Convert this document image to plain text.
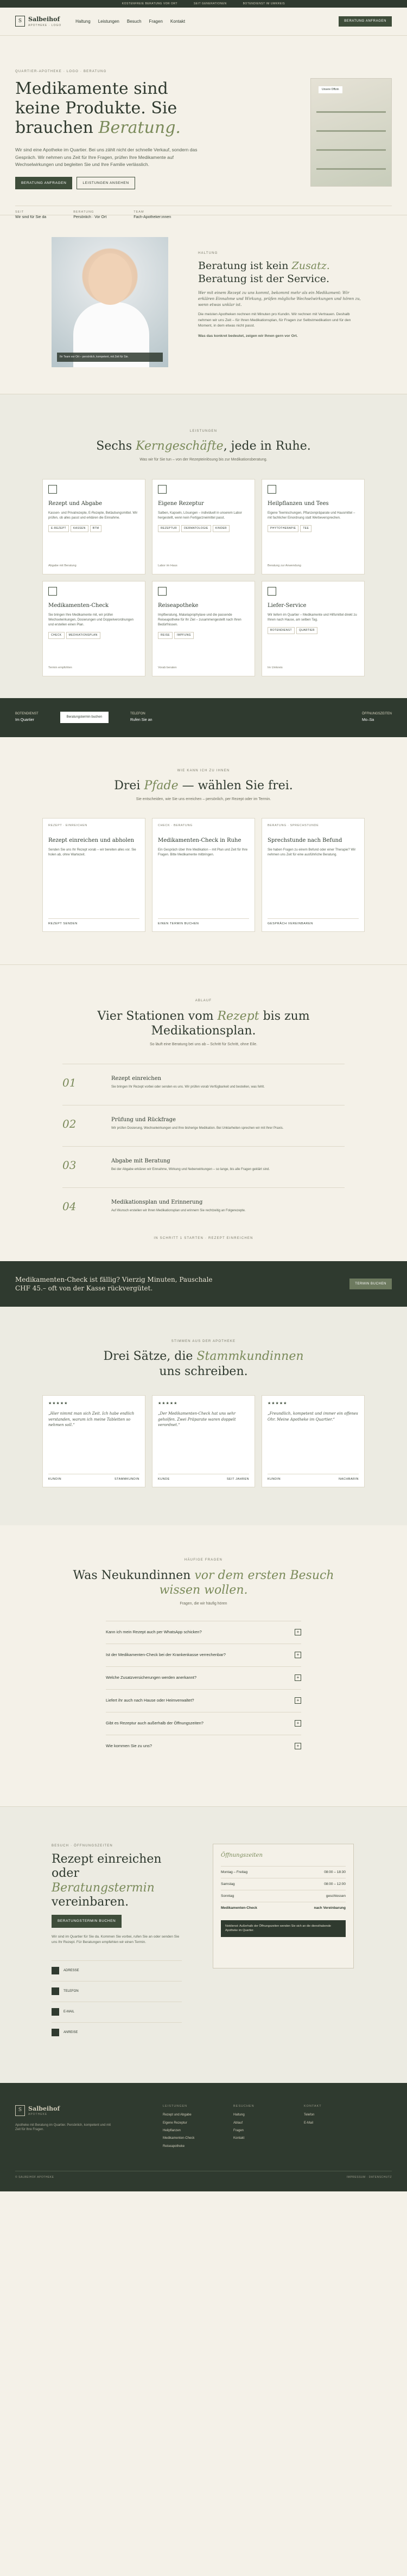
KOSTENFREIE BERATUNG VOR ORT	SEIT GENERATIONEN	BOTENDIENST IM UMKREIS
S	Salbeihof
APOTHEKE · LOGO
Haltung Leistungen Besuch Fragen Kontakt	BERATUNG ANFRAGEN
QUARTIER-APOTHEKE · LOGO · BERATUNG
Medikamente sind keine Produkte. Sie brauchen Beratung.

Wir sind eine Apotheke im Quartier. Bei uns zählt nicht der schnelle Verkauf, sondern das Gespräch. Wir nehmen uns Zeit für Ihre Fragen, prüfen Ihre Medikamente auf Wechselwirkungen und begleiten Sie und Ihre Familie verlässlich.

BERATUNG ANFRAGEN	LEISTUNGEN ANSEHEN
SEIT
Wir sind für Sie da
BERATUNG
Persönlich · Vor Ort
TEAM
Fach-Apotheker:innen
Unsere Offizin
Ihr Team vor Ort – persönlich, kompetent, mit Zeit für Sie.
HALTUNG
Beratung ist kein Zusatz.
Beratung ist der Service.

Wer mit einem Rezept zu uns kommt, bekommt mehr als ein Medikament: Wir erklären Einnahme und Wirkung, prüfen mögliche Wechselwirkungen und hören zu, wenn etwas unklar ist.

Die meisten Apotheken rechnen mit Minuten pro Kundin. Wir rechnen mit Vertrauen. Deshalb nehmen wir uns Zeit – für Ihren Medikationsplan, für Fragen zur Selbstmedikation und für den Moment, in dem etwas nicht passt.

Was das konkret bedeutet, zeigen wir Ihnen gern vor Ort.

LEISTUNGEN
Sechs Kerngeschäfte, jede in Ruhe.
Was wir für Sie tun – von der Rezepteinlösung bis zur Medikationsberatung.
Rezept und Abgabe

Kassen- und Privatrezepte, E-Rezepte, Betäubungsmittel. Wir prüfen, ob alles passt und erklären die Einnahme.

E-REZEPT	KASSEN	BTM
Abgabe mit Beratung
Eigene Rezeptur

Salben, Kapseln, Lösungen – individuell in unserem Labor hergestellt, wenn kein Fertigarzneimittel passt.

REZEPTUR	DERMATOLOGIE	KINDER
Labor im Haus
Heilpflanzen und Tees

Eigene Teemischungen, Pflanzenpräparate und Hausmittel – mit fachlicher Einordnung statt Werbeversprechen.

PHYTOTHERAPIE	TEE
Beratung zur Anwendung
Medikamenten-Check

Sie bringen Ihre Medikamente mit, wir prüfen Wechselwirkungen, Dosierungen und Doppelverordnungen und erstellen einen Plan.

CHECK	MEDIKATIONSPLAN
Termin empfohlen
Reiseapotheke

Impfberatung, Malariaprophylaxe und die passende Reiseapotheke für Ihr Ziel – zusammengestellt nach Ihren Bedürfnissen.

REISE	IMPFUNG
Vorab beraten
Liefer-Service

Wir liefern im Quartier – Medikamente und Hilfsmittel direkt zu Ihnen nach Hause, am selben Tag.

BOTENDIENST	QUARTIER
Im Umkreis
BOTENDIENST
Im Quartier
Beratungstermin buchen
TELEFON
Rufen Sie an
ÖFFNUNGSZEITEN
Mo–Sa
WIE KANN ICH ZU IHNEN
Drei Pfade — wählen Sie frei.
Sie entscheiden, wie Sie uns erreichen – persönlich, per Rezept oder im Termin.
REZEPT · EINREICHEN
Rezept einreichen und abholen

Senden Sie uns Ihr Rezept vorab – wir bereiten alles vor. Sie holen ab, ohne Wartezeit.

REZEPT SENDEN
CHECK · BERATUNG
Medikamenten-Check in Ruhe

Ein Gespräch über Ihre Medikation – mit Plan und Zeit für Ihre Fragen. Bitte Medikamente mitbringen.

EINEN TERMIN BUCHEN
BERATUNG · SPRECHSTUNDE
Sprechstunde nach Befund

Sie haben Fragen zu einem Befund oder einer Therapie? Wir nehmen uns Zeit für eine ausführliche Beratung.

GESPRÄCH VEREINBAREN
ABLAUF
Vier Stationen vom Rezept bis zum Medikationsplan.
So läuft eine Beratung bei uns ab – Schritt für Schritt, ohne Eile.
01	Rezept einreichen

Sie bringen Ihr Rezept vorbei oder senden es uns. Wir prüfen vorab Verfügbarkeit und bestellen, was fehlt.

02	Prüfung und Rückfrage

Wir prüfen Dosierung, Wechselwirkungen und Ihre bisherige Medikation. Bei Unklarheiten sprechen wir mit Ihrer Praxis.

03	Abgabe mit Beratung

Bei der Abgabe erklären wir Einnahme, Wirkung und Nebenwirkungen – so lange, bis alle Fragen geklärt sind.

04	Medikationsplan und Erinnerung

Auf Wunsch erstellen wir Ihren Medikationsplan und erinnern Sie rechtzeitig an Folgerezepte.

IN SCHRITT 1 STARTEN · REZEPT EINREICHEN
Medikamenten-Check ist fällig? Vierzig Minuten, Pauschale CHF 45.– oft von der Kasse rückvergütet.
TERMIN BUCHEN
STIMMEN AUS DER APOTHEKE
Drei Sätze, die Stammkundinnen
uns schreiben.
★★★★★

„Hier nimmt man sich Zeit. Ich habe endlich verstanden, warum ich meine Tabletten so nehmen soll.“

KUNDIN	STAMMKUNDIN
★★★★★

„Der Medikamenten-Check hat uns sehr geholfen. Zwei Präparate waren doppelt verordnet.“

KUNDE	SEIT JAHREN
★★★★★

„Freundlich, kompetent und immer ein offenes Ohr. Meine Apotheke im Quartier.“

KUNDIN	NACHBARIN
HÄUFIGE FRAGEN
Was Neukundinnen vor dem ersten Besuch
wissen wollen.
Fragen, die wir häufig hören
Kann ich mein Rezept auch per WhatsApp schicken?	+
Ist der Medikamenten-Check bei der Krankenkasse verrechenbar?	+
Welche Zusatzversicherungen werden anerkannt?	+
Liefert ihr auch nach Hause oder Heimverwaltet?	+
Gibt es Rezeptur auch außerhalb der Öffnungszeiten?	+
Wie kommen Sie zu uns?	+
BESUCH · ÖFFNUNGSZEITEN
Rezept einreichen oder Beratungstermin
vereinbaren.
BERATUNGSTERMIN BUCHEN

Wir sind im Quartier für Sie da. Kommen Sie vorbei, rufen Sie an oder senden Sie uns Ihr Rezept. Für Beratungen empfehlen wir einen Termin.

ADRESSE
TELEFON
E-MAIL
ANREISE
Öffnungszeiten
Montag – Freitag	08:00 – 18:30
Samstag	08:00 – 12:00
Sonntag	geschlossen
Medikamenten-Check	nach Vereinbarung
Notdienst: Außerhalb der Öffnungszeiten wenden Sie sich an die diensthabende Apotheke im Quartier.
S	Salbeihof
APOTHEKE

Apotheke mit Beratung im Quartier. Persönlich, kompetent und mit Zeit für Ihre Fragen.

LEISTUNGEN
Rezept und Abgabe
Eigene Rezeptur
Heilpflanzen
Medikamenten-Check
Reiseapotheke
BESUCHEN
Haltung
Ablauf
Fragen
Kontakt
KONTAKT
Telefon
E-Mail
© SALBEIHOF APOTHEKE	IMPRESSUM · DATENSCHUTZ
